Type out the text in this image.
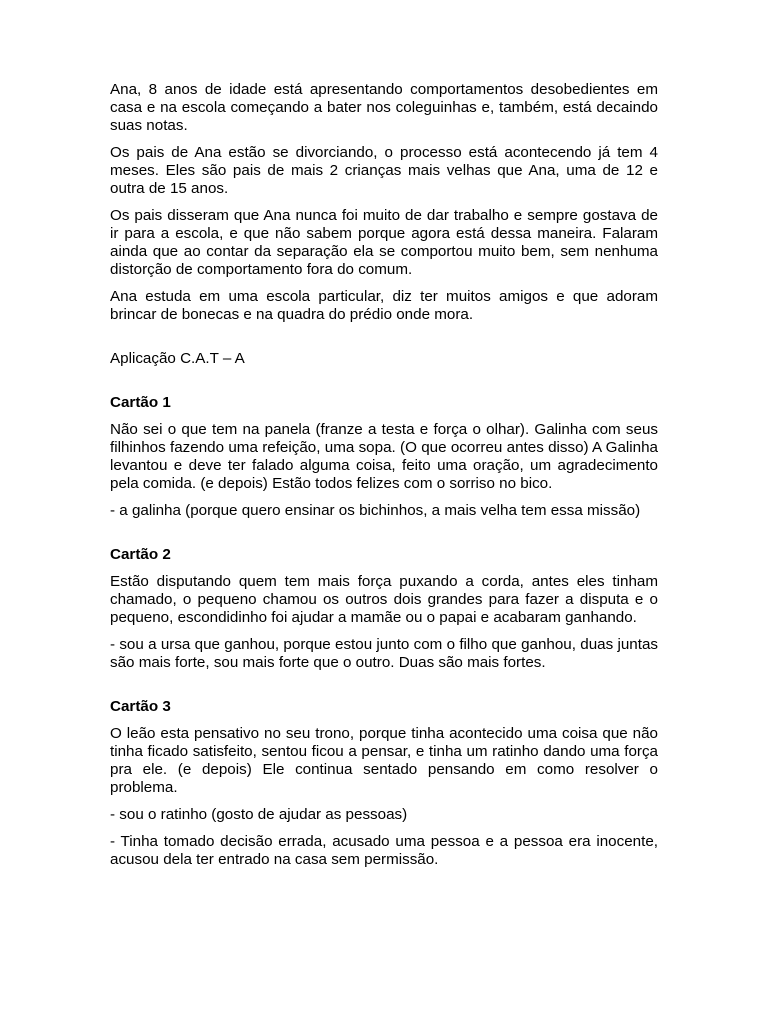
Ana, 8 anos de idade está apresentando comportamentos desobedientes em casa e na escola começando a bater nos coleguinhas e, também, está decaindo suas notas.

Os pais de Ana estão se divorciando, o processo está acontecendo já tem 4 meses. Eles são pais de mais 2 crianças mais velhas que Ana, uma de 12 e outra de 15 anos.

Os pais disseram que Ana nunca foi muito de dar trabalho e sempre gostava de ir para a escola, e que não sabem porque agora está dessa maneira. Falaram ainda que ao contar da separação ela se comportou muito bem, sem nenhuma distorção de comportamento fora do comum.

Ana estuda em uma escola particular, diz ter muitos amigos e que adoram brincar de bonecas e na quadra do prédio onde mora.

Aplicação C.A.T – A

Cartão 1

Não sei o que tem na panela (franze a testa e força o olhar). Galinha com seus filhinhos fazendo uma refeição, uma sopa. (O que ocorreu antes disso) A Galinha levantou e deve ter falado alguma coisa, feito uma oração, um agradecimento pela comida. (e depois) Estão todos felizes com o sorriso no bico.

- a galinha (porque quero ensinar os bichinhos, a mais velha tem essa missão)

Cartão 2

Estão disputando quem tem mais força puxando a corda, antes eles tinham chamado, o pequeno chamou os outros dois grandes para fazer a disputa e o pequeno, escondidinho foi ajudar a mamãe ou o papai e acabaram ganhando.

- sou a ursa que ganhou, porque estou junto com o filho que ganhou, duas juntas são mais forte, sou mais forte que o outro. Duas são mais fortes.

Cartão 3

O leão esta pensativo no seu trono, porque tinha acontecido uma coisa que não tinha ficado satisfeito, sentou ficou a pensar, e tinha um ratinho dando uma força pra ele. (e depois) Ele continua sentado pensando em como resolver o problema.

- sou o ratinho (gosto de ajudar as pessoas)

- Tinha tomado decisão errada, acusado uma pessoa e a pessoa era inocente, acusou dela ter entrado na casa sem permissão.
